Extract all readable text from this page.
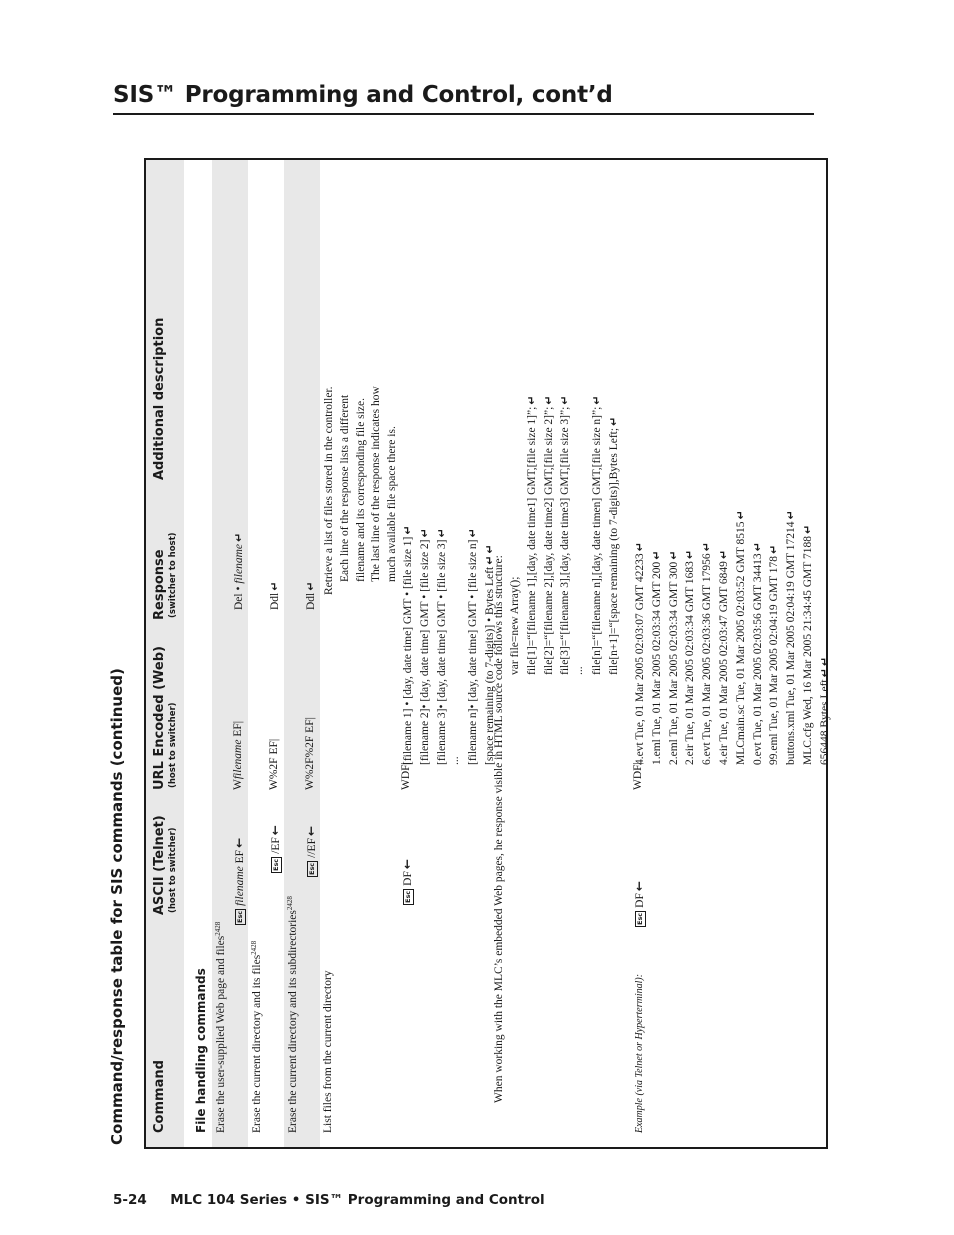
SIS™ Programming and Control, cont’d
Command/response table for SIS commands (continued) Command
ASCII (Telnet) (host to switcher)
URL Encoded (Web) (host to switcher)
Response (switcher to host)
Additional description
File handling commands Erase the user-supplied Web page and files$^{2428}$
Escfilename EF←
Wfilename EF|
Del • filename↵
Erase the current directory and its files$^{2428}$
Esc/EF←
W%2F EF|
Ddl↵
Erase the current directory and its subdirectories$^{2428}$
Esc//EF←
W%2F%2F EF|
Ddl↵
List files from the current directory
EscDF←
WDF|
Retrieve a list of files stored in the controller. Each line of the response lists a different filename and its corresponding file size. The last line of the response indicates how much available file space there is.
[filename 1] • [day, date time] GMT • [file size 1]↵
[filename 2]• [day, date time] GMT • [file size 2]↵
[filename 3]• [day, date time] GMT • [file size 3]↵
... [filename n]• [day, date time] GMT • [file size n]↵
[space remaining (to 7-digits)] • Bytes Left↵↵
When working with the MLC’s embedded Web pages, he response visible in HTML source code follows this structure: var file=new Array(); file[1]=“[filename 1],[day, date time1] GMT,[file size 1]”;↵
file[2]=“[filename 2],[day, date time2] GMT,[file size 2]”;↵
file[3]=“[filename 3],[day, date time3] GMT,[file size 3]”;↵
... file[n]=“[filename n],[day, date timen] GMT,[file size n]”;↵
file[n+1]=“[space remaining (to 7-digits)],Bytes Left;↵
Example (via Telnet or Hyperterminal):
EscDF←
WDF|
4.evt Tue, 01 Mar 2005 02:03:07 GMT 42233↵
1.eml Tue, 01 Mar 2005 02:03:34 GMT 200↵
2.eml Tue, 01 Mar 2005 02:03:34 GMT 300↵
2.eir Tue, 01 Mar 2005 02:03:34 GMT 1683↵ 6.evt Tue, 01 Mar 2005 02:03:36 GMT 17956↵
4.eir Tue, 01 Mar 2005 02:03:47 GMT 6849↵ MLCmain.sc Tue, 01 Mar 2005 02:03:52 GMT 8515↵
0.evt Tue, 01 Mar 2005 02:03:56 GMT 34413↵
99.eml Tue, 01 Mar 2005 02:04:19 GMT 178↵ buttons.xml Tue, 01 Mar 2005 02:04:19 GMT 17214↵
MLC.cfg Wed, 16 Mar 2005 21:34:45 GMT 7188↵
656448 Bytes Left↵↵
5-24 MLC 104 Series • SIS™ Programming and Control
